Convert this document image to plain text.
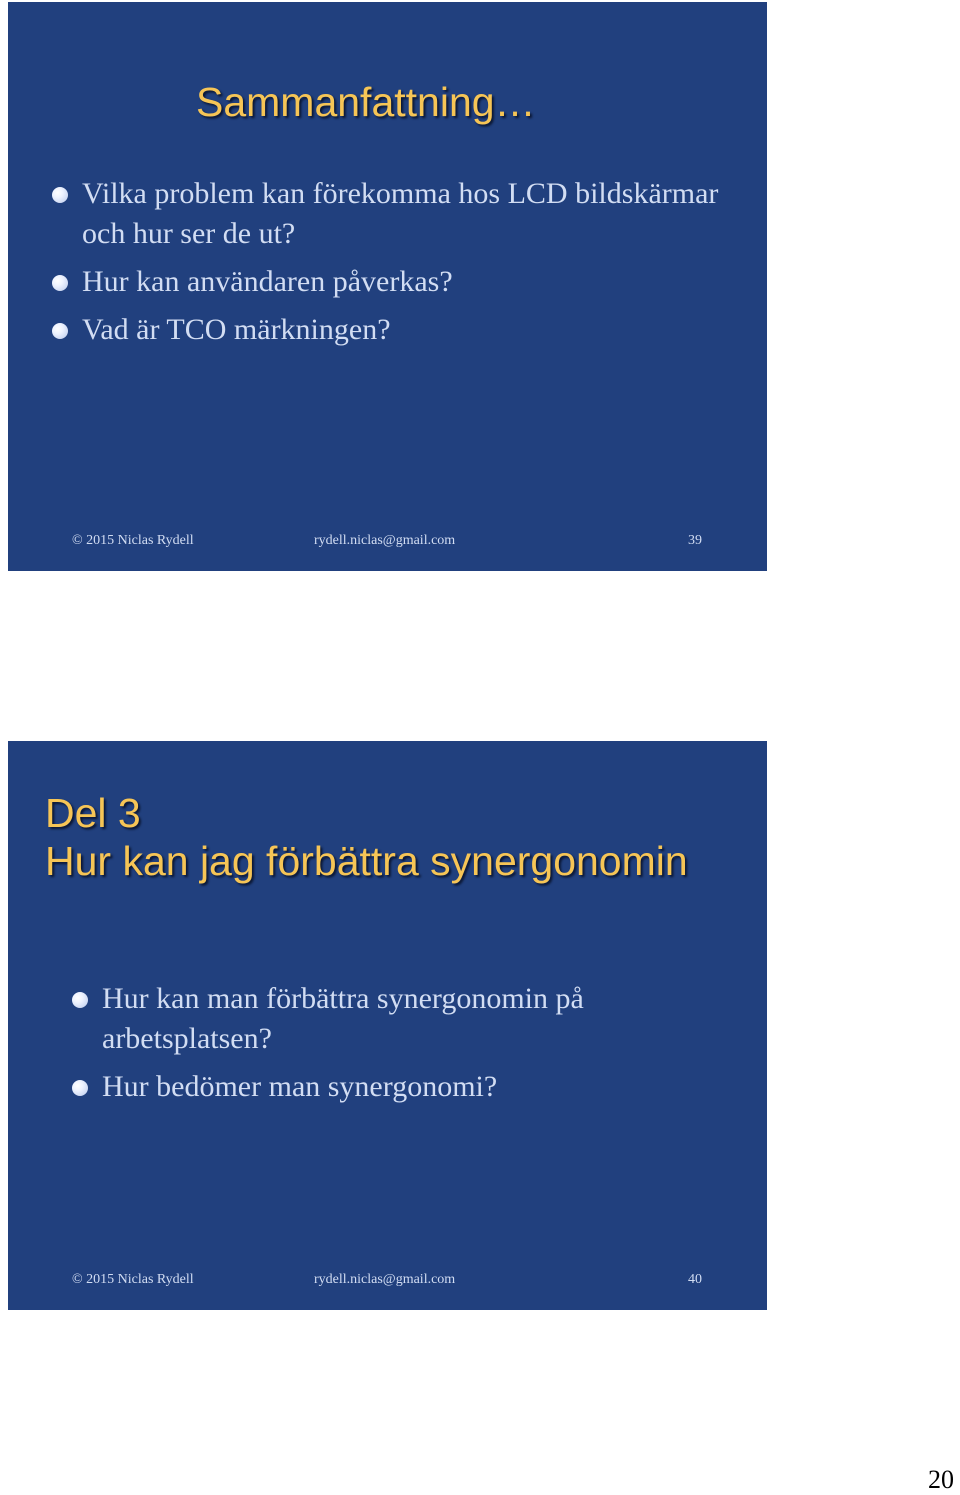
Sammanfattning…
Vilka problem kan förekomma hos LCD bildskärmar och hur ser de ut?
Hur kan användaren påverkas?
Vad är TCO märkningen?
© 2015 Niclas Rydell	rydell.niclas@gmail.com	39
Del 3
Hur kan jag förbättra synergonomin
Hur kan man förbättra synergonomin på arbetsplatsen?
Hur bedömer man synergonomi?
© 2015 Niclas Rydell	rydell.niclas@gmail.com	40
20
